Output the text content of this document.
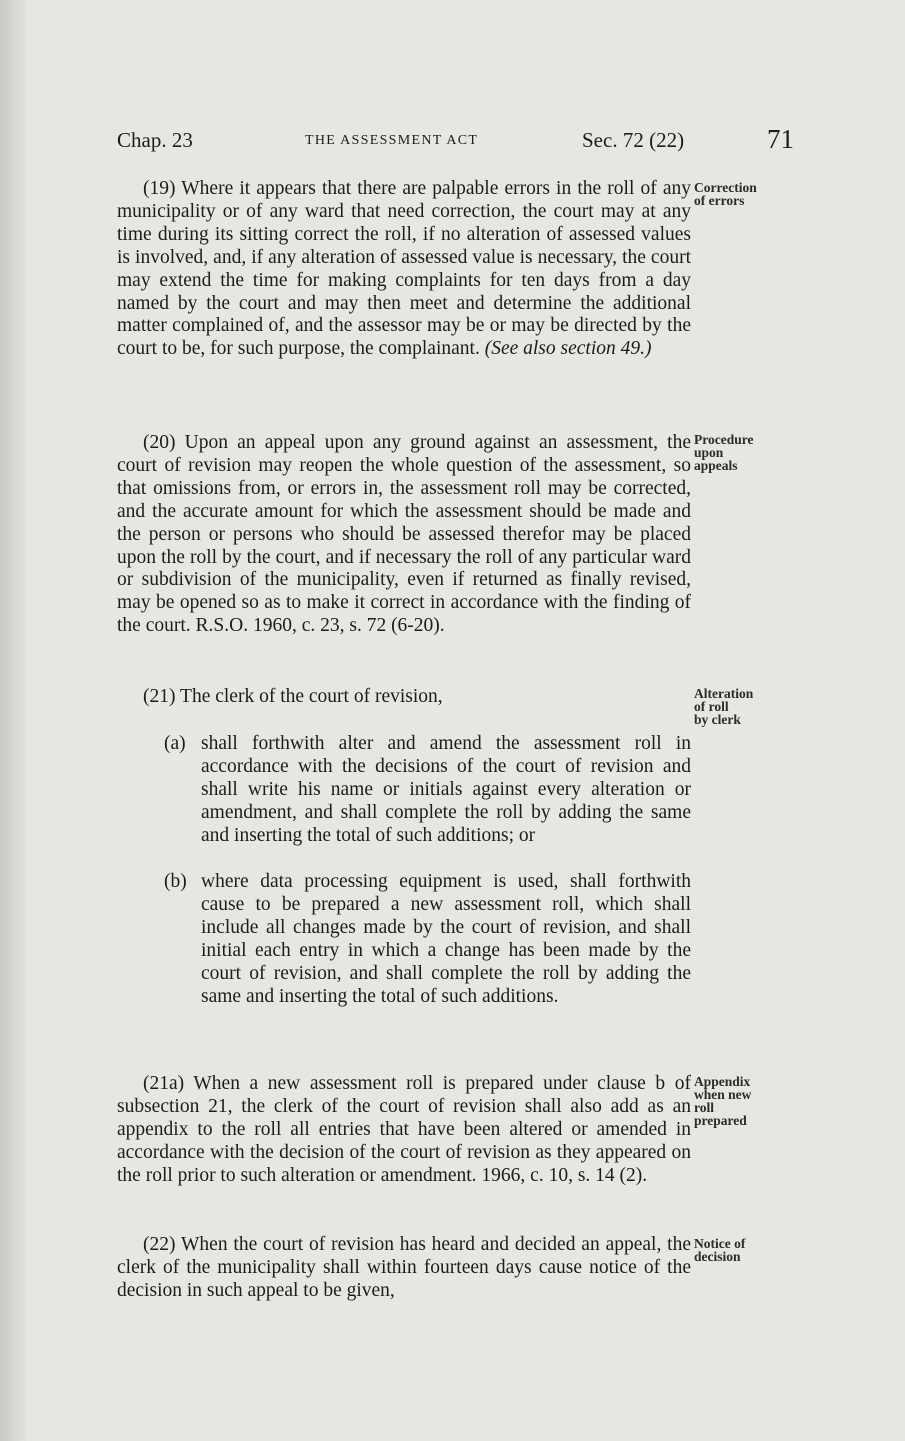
Chap. 23	THE ASSESSMENT ACT	Sec. 72 (22)	71

(19) Where it appears that there are palpable errors in the roll of any municipality or of any ward that need correction, the court may at any time during its sitting correct the roll, if no alteration of assessed values is involved, and, if any alteration of assessed value is necessary, the court may extend the time for making complaints for ten days from a day named by the court and may then meet and determine the additional matter complained of, and the assessor may be or may be directed by the court to be, for such purpose, the complainant. (See also section 49.)

Correction
of errors

(20) Upon an appeal upon any ground against an assessment, the court of revision may reopen the whole question of the assessment, so that omissions from, or errors in, the assessment roll may be corrected, and the accurate amount for which the assessment should be made and the person or persons who should be assessed therefor may be placed upon the roll by the court, and if necessary the roll of any particular ward or subdivision of the municipality, even if returned as finally revised, may be opened so as to make it correct in accordance with the finding of the court. R.S.O. 1960, c. 23, s. 72 (6-20).

Procedure
upon
appeals

(21) The clerk of the court of revision,

(a) shall forthwith alter and amend the assessment roll in accordance with the decisions of the court of revision and shall write his name or initials against every alteration or amendment, and shall complete the roll by adding the same and inserting the total of such additions; or

(b) where data processing equipment is used, shall forthwith cause to be prepared a new assessment roll, which shall include all changes made by the court of revision, and shall initial each entry in which a change has been made by the court of revision, and shall complete the roll by adding the same and inserting the total of such additions.

Alteration
of roll
by clerk

(21a) When a new assessment roll is prepared under clause b of subsection 21, the clerk of the court of revision shall also add as an appendix to the roll all entries that have been altered or amended in accordance with the decision of the court of revision as they appeared on the roll prior to such alteration or amendment. 1966, c. 10, s. 14 (2).

Appendix
when new
roll
prepared

(22) When the court of revision has heard and decided an appeal, the clerk of the municipality shall within fourteen days cause notice of the decision in such appeal to be given,

Notice of
decision
